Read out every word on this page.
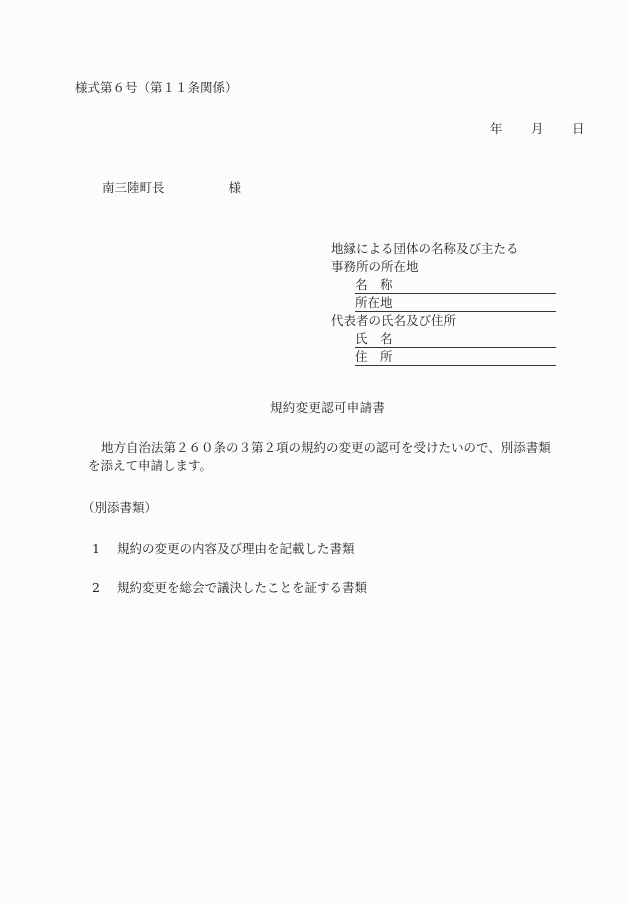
様式第６号（第１１条関係）
年 月 日
南三陸町長	様
地縁による団体の名称及び主たる
事務所の所在地
名　称
所在地
代表者の氏名及び住所
氏　名
住　所
規約変更認可申請書
地方自治法第２６０条の３第２項の規約の変更の認可を受けたいので、別添書類
を添えて申請します。
（別添書類）
1 規約の変更の内容及び理由を記載した書類
2 規約変更を総会で議決したことを証する書類
